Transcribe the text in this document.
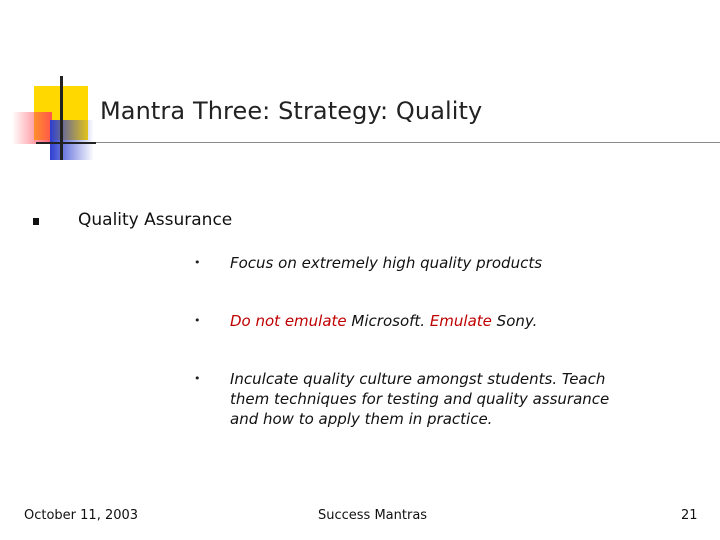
Mantra Three: Strategy: Quality
Quality Assurance
• Focus on extremely high quality products
• Do not emulate Microsoft. Emulate Sony.
• Inculcate quality culture amongst students. Teach them techniques for testing and quality assurance and how to apply them in practice.
October 11, 2003	Success Mantras	21
